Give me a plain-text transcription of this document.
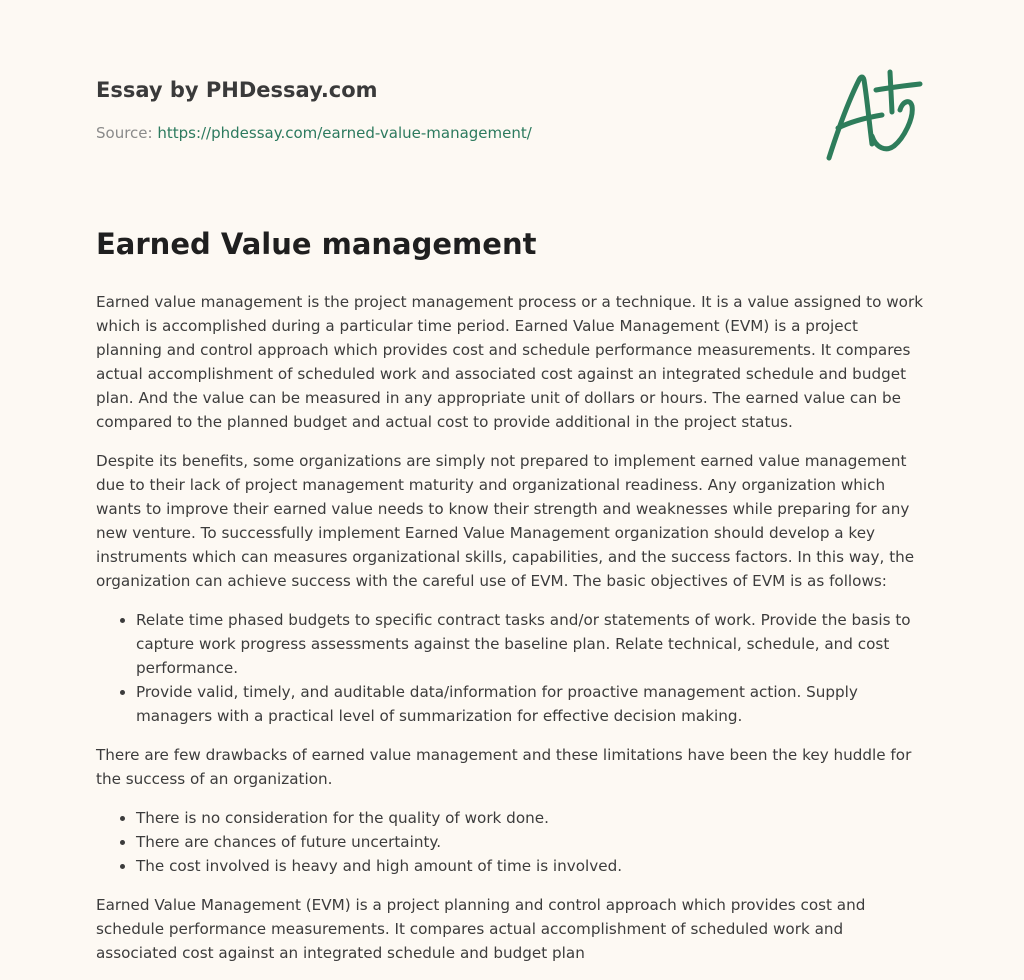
Essay by PHDessay.com
Source: https://phdessay.com/earned-value-management/
Earned Value management

Earned value management is the project management process or a technique. It is a value assigned to work which is accomplished during a particular time period. Earned Value Management (EVM) is a project planning and control approach which provides cost and schedule performance measurements. It compares actual accomplishment of scheduled work and associated cost against an integrated schedule and budget plan. And the value can be measured in any appropriate unit of dollars or hours. The earned value can be compared to the planned budget and actual cost to provide additional in the project status.

Despite its benefits, some organizations are simply not prepared to implement earned value management due to their lack of project management maturity and organizational readiness. Any organization which wants to improve their earned value needs to know their strength and weaknesses while preparing for any new venture. To successfully implement Earned Value Management organization should develop a key instruments which can measures organizational skills, capabilities, and the success factors. In this way, the organization can achieve success with the careful use of EVM. The basic objectives of EVM is as follows:

• Relate time phased budgets to specific contract tasks and/or statements of work. Provide the basis to capture work progress assessments against the baseline plan. Relate technical, schedule, and cost performance.
• Provide valid, timely, and auditable data/information for proactive management action. Supply managers with a practical level of summarization for effective decision making.

There are few drawbacks of earned value management and these limitations have been the key huddle for the success of an organization.

• There is no consideration for the quality of work done.
• There are chances of future uncertainty.
• The cost involved is heavy and high amount of time is involved.

Earned Value Management (EVM) is a project planning and control approach which provides cost and schedule performance measurements. It compares actual accomplishment of scheduled work and associated cost against an integrated schedule and budget plan
